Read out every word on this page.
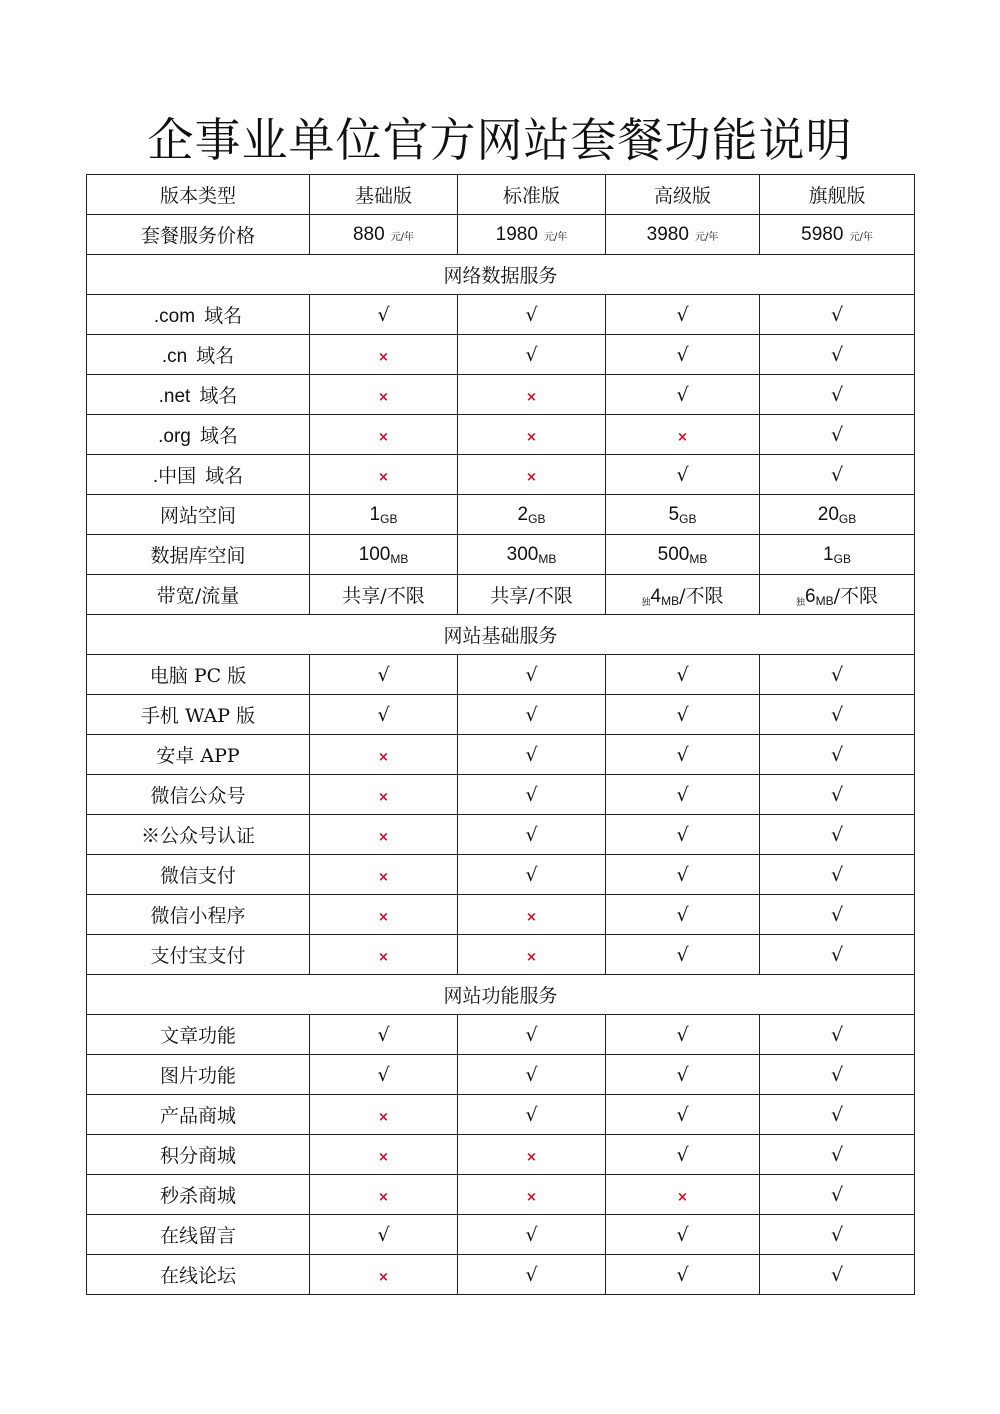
企事业单位官方网站套餐功能说明
版本类型	基础版	标准版	高级版	旗舰版
套餐服务价格	880 元/年	1980 元/年	3980 元/年	5980 元/年
网络数据服务				
.com 域名	√	√	√	√
.cn 域名	×	√	√	√
.net 域名	×	×	√	√
.org 域名	×	×	×	√
.中国 域名	×	×	√	√
网站空间	$1_{GB}$	$2_{GB}$	$5_{GB}$	$20_{GB}$
数据库空间	$100_{MB}$	$300_{MB}$	$500_{MB}$	$1_{GB}$
带宽/流量	共享/不限	共享/不限	独$4_{MB}/$不限	独$6_{MB}/$不限
网站基础服务				
电脑 PC 版	√	√	√	√
手机 WAP 版	√	√	√	√
安卓 APP	×	√	√	√
微信公众号	×	√	√	√
※公众号认证	×	√	√	√
微信支付	×	√	√	√
微信小程序	×	×	√	√
支付宝支付	×	×	√	√
网站功能服务				
文章功能	√	√	√	√
图片功能	√	√	√	√
产品商城	×	√	√	√
积分商城	×	×	√	√
秒杀商城	×	×	×	√
在线留言	√	√	√	√
在线论坛	×	√	√	√
